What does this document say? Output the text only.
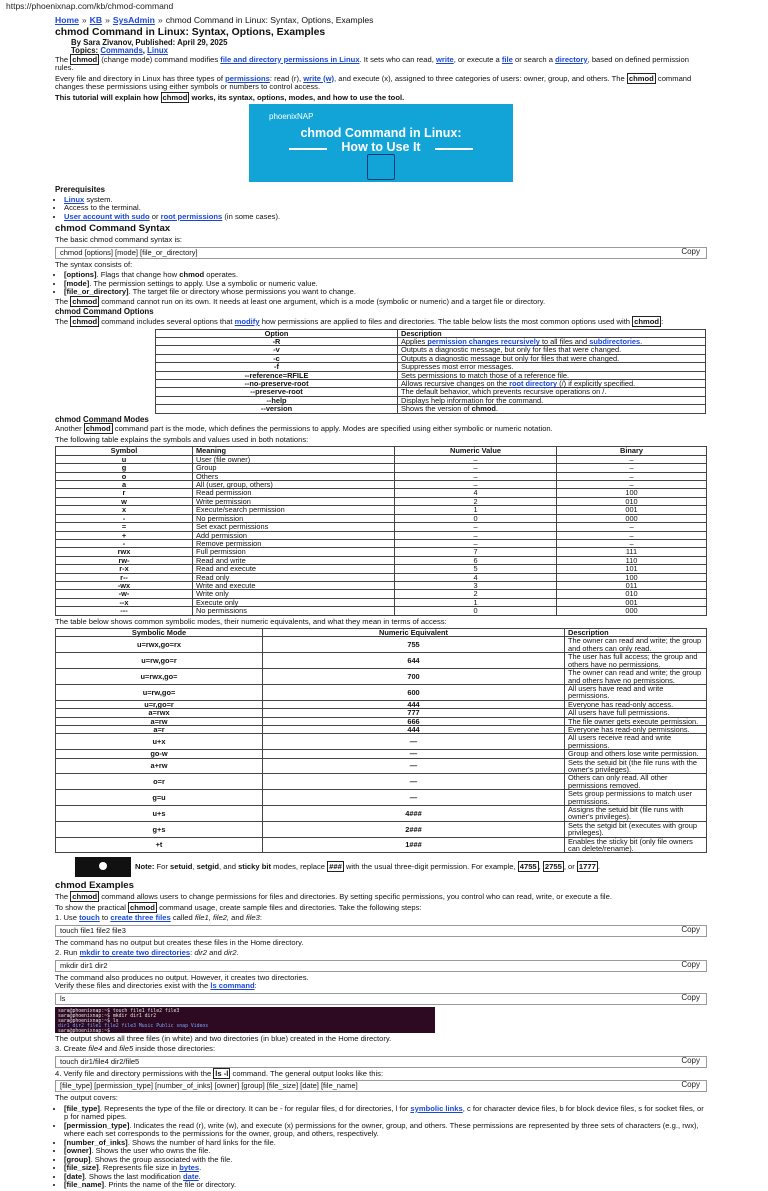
https://phoenixnap.com/kb/chmod-command
Home » KB » SysAdmin » chmod Command in Linux: Syntax, Options, Examples
chmod Command in Linux: Syntax, Options, Examples
By Sara Zivanov, Published: April 29, 2025
Topics: Commands, Linux

The chmod (change mode) command modifies file and directory permissions in Linux. It sets who can read, write, or execute a file or search a directory, based on defined permission rules.

Every file and directory in Linux has three types of permissions: read (r), write (w), and execute (x), assigned to three categories of users: owner, group, and others. The chmod command changes these permissions using either symbols or numbers to control access.

This tutorial will explain how chmod works, its syntax, options, modes, and how to use the tool.

phoenixNAP
chmod Command in Linux:
How to Use It
Prerequisites
• Linux system.
• Access to the terminal.
• User account with sudo or root permissions (in some cases).
chmod Command Syntax

The basic chmod command syntax is:

chmod [options] [mode] [file_or_directory]	Copy

The syntax consists of:

• [options]. Flags that change how chmod operates.
• [mode]. The permission settings to apply. Use a symbolic or numeric value.
• [file_or_directory]. The target file or directory whose permissions you want to change.

The chmod command cannot run on its own. It needs at least one argument, which is a mode (symbolic or numeric) and a target file or directory.

chmod Command Options

The chmod command includes several options that modify how permissions are applied to files and directories. The table below lists the most common options used with chmod :

Option	Description
-R	Applies permission changes recursively to all files and subdirectories.
-v	Outputs a diagnostic message, but only for files that were changed.
-c	Outputs a diagnostic message but only for files that were changed.
-f	Suppresses most error messages.
--reference=RFILE	Sets permissions to match those of a reference file.
--no-preserve-root	Allows recursive changes on the root directory (/) if explicitly specified.
--preserve-root	The default behavior, which prevents recursive operations on /.
--help	Displays help information for the command.
--version	Shows the version of chmod.
chmod Command Modes

Another chmod command part is the mode, which defines the permissions to apply. Modes are specified using either symbolic or numeric notation.

The following table explains the symbols and values used in both notations:

Symbol	Meaning	Numeric Value	Binary
u	User (file owner)	–	–
g	Group	–	–
o	Others	–	–
a	All (user, group, others)	–	–
r	Read permission	4	100
w	Write permission	2	010
x	Execute/search permission	1	001
-	No permission	0	000
=	Set exact permissions	–	–
+	Add permission	–	–
-	Remove permission	–	–
rwx	Full permission	7	111
rw-	Read and write	6	110
r-x	Read and execute	5	101
r--	Read only	4	100
-wx	Write and execute	3	011
-w-	Write only	2	010
--x	Execute only	1	001
---	No permissions	0	000

The table below shows common symbolic modes, their numeric equivalents, and what they mean in terms of access:

Symbolic Mode	Numeric Equivalent	Description
u=rwx,go=rx	755	The owner can read and write; the group and others can only read.
u=rw,go=r	644	The user has full access; the group and others have no permissions.
u=rwx,go=	700	The owner can read and write; the group and others have no permissions.
u=rw,go=	600	All users have read and write permissions.
u=r,go=r	444	Everyone has read-only access.
a=rwx	777	All users have full permissions.
a=rw	666	The file owner gets execute permission.
a=r	444	Everyone has read-only permissions.
u+x	—	All users receive read and write permissions.
go-w	—	Group and others lose write permission.
a+rw	—	Sets the setuid bit (the file runs with the owner's privileges).
o=r	—	Others can only read. All other permissions removed.
g=u	—	Sets group permissions to match user permissions.
u+s	4###	Assigns the setuid bit (file runs with owner's privileges).
g+s	2###	Sets the setgid bit (executes with group privileges).
+t	1###	Enables the sticky bit (only file owners can delete/rename).
Note: For setuid, setgid, and sticky bit modes, replace ### with the usual three-digit permission. For example, 4755 , 2755 , or 1777 .
chmod Examples

The chmod command allows users to change permissions for files and directories. By setting specific permissions, you control who can read, write, or execute a file.

To show the practical chmod command usage, create sample files and directories. Take the following steps:

1. Use touch to create three files called file1, file2, and file3:

touch file1 file2 file3	Copy

The command has no output but creates these files in the Home directory.

2. Run mkdir to create two directories: dir2 and dir2.

mkdir dir1 dir2	Copy

The command also produces no output. However, it creates two directories.
Verify these files and directories exist with the ls command:

ls	Copy
sara@phoenixnap:~$ touch file1 file2 file3
sara@phoenixnap:~$ mkdir dir1 dir2
sara@phoenixnap:~$ ls
dir1 dir2 file1 file2 file3 Music Public snap Videos
sara@phoenixnap:~$

The output shows all three files (in white) and two directories (in blue) created in the Home directory.

3. Create file4 and file5 inside those directories:

touch dir1/file4 dir2/file5	Copy

4. Verify file and directory permissions with the ls -l command. The general output looks like this:

[file_type] [permission_type] [number_of_inks] [owner] [group] [file_size] [date] [file_name]	Copy

The output covers:

• [file_type]. Represents the type of the file or directory. It can be - for regular files, d for directories, l for symbolic links, c for character device files, b for block device files, s for socket files, or p for named pipes.
• [permission_type]. Indicates the read (r), write (w), and execute (x) permissions for the owner, group, and others. These permissions are represented by three sets of characters (e.g., rwx), where each set corresponds to the permissions for the owner, group, and others, respectively.
• [number_of_inks]. Shows the number of hard links for the file.
• [owner]. Shows the user who owns the file.
• [group]. Shows the group associated with the file.
• [file_size]. Represents file size in bytes.
• [date]. Shows the last modification date.
• [file_name]. Prints the name of the file or directory.
